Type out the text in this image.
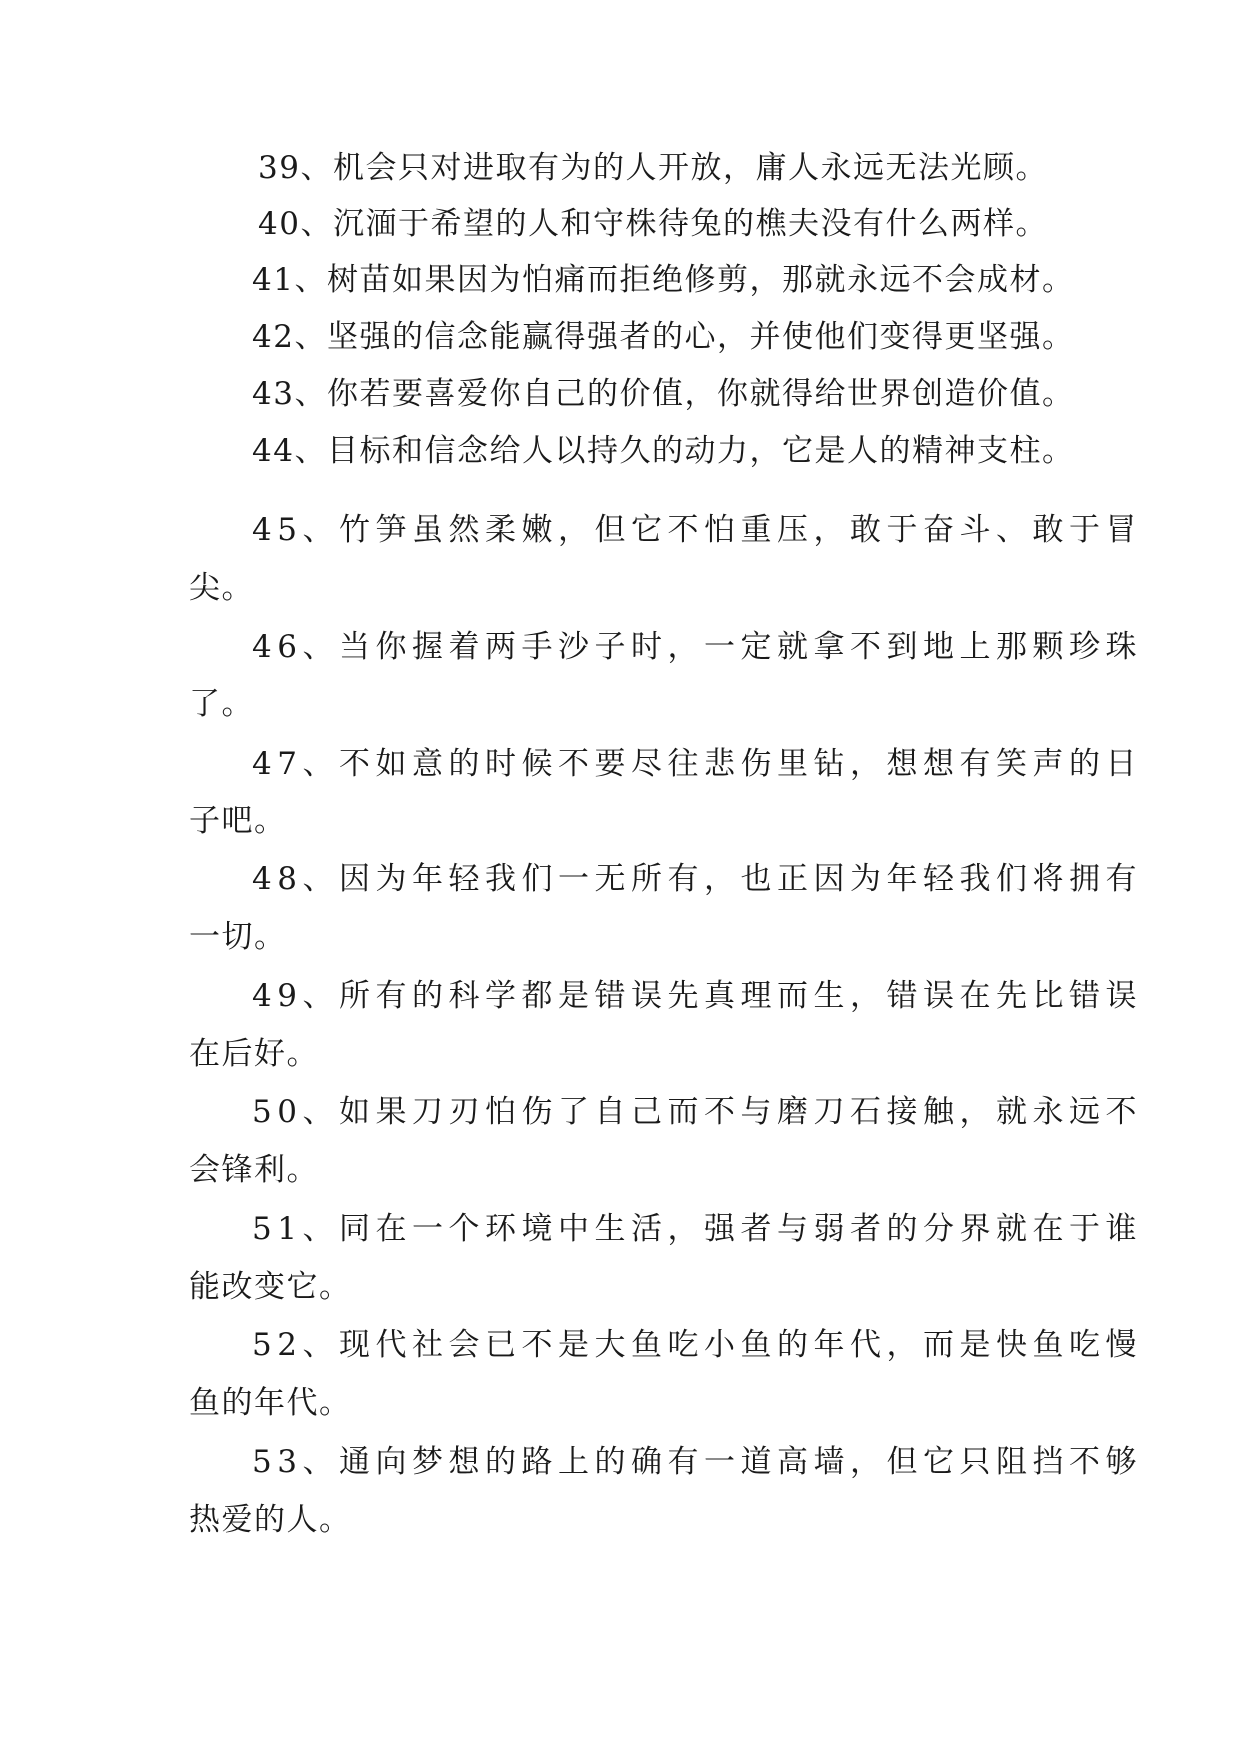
39、机会只对进取有为的人开放，庸人永远无法光顾。
40、沉湎于希望的人和守株待兔的樵夫没有什么两样。
41、树苗如果因为怕痛而拒绝修剪，那就永远不会成材。
42、坚强的信念能赢得强者的心，并使他们变得更坚强。
43、你若要喜爱你自己的价值，你就得给世界创造价值。
44、目标和信念给人以持久的动力，它是人的精神支柱。
45、竹笋虽然柔嫩，但它不怕重压，敢于奋斗、敢于冒
尖。
46、当你握着两手沙子时，一定就拿不到地上那颗珍珠
了。
47、不如意的时候不要尽往悲伤里钻，想想有笑声的日
子吧。
48、因为年轻我们一无所有，也正因为年轻我们将拥有
一切。
49、所有的科学都是错误先真理而生，错误在先比错误
在后好。
50、如果刀刃怕伤了自己而不与磨刀石接触，就永远不
会锋利。
51、同在一个环境中生活，强者与弱者的分界就在于谁
能改变它。
52、现代社会已不是大鱼吃小鱼的年代，而是快鱼吃慢
鱼的年代。
53、通向梦想的路上的确有一道高墙，但它只阻挡不够
热爱的人。
